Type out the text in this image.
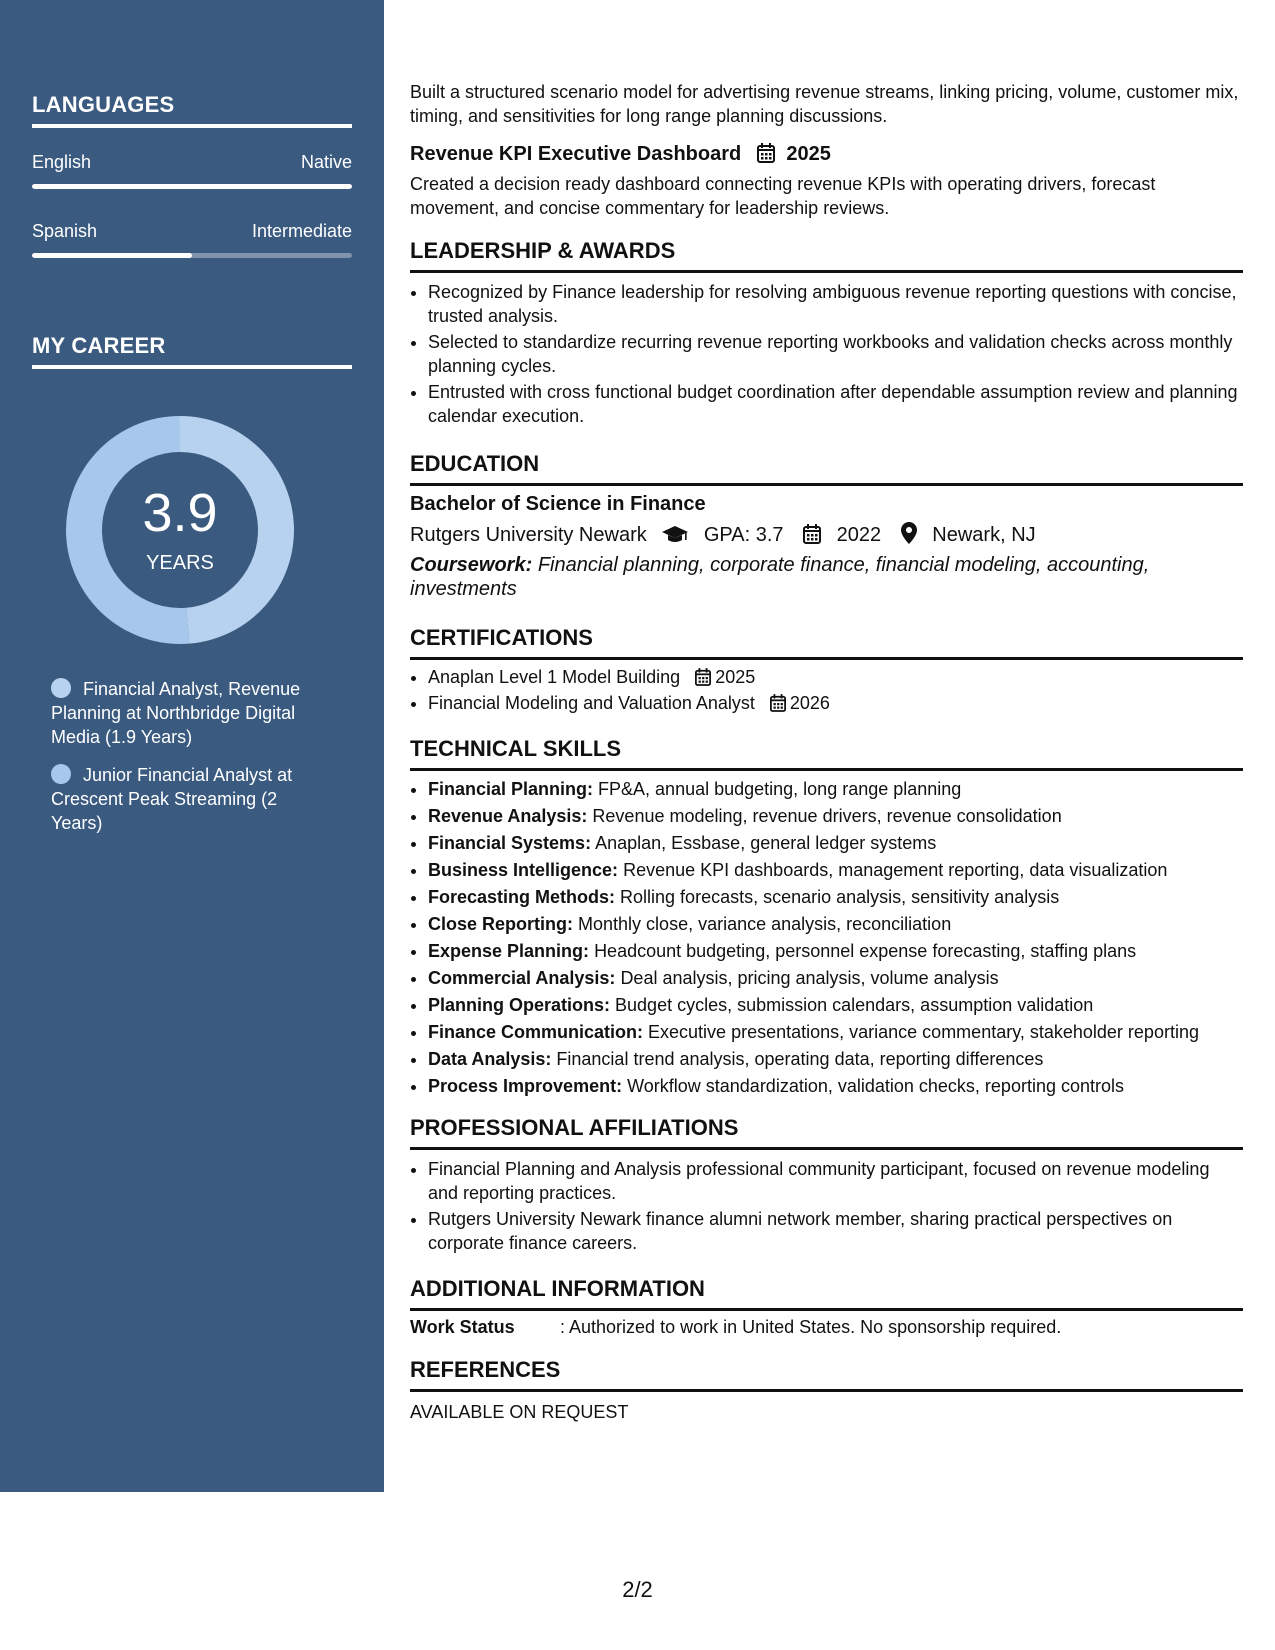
LANGUAGES
English	Native
Spanish	Intermediate
MY CAREER
3.9
YEARS
Financial Analyst, Revenue Planning at Northbridge Digital Media (1.9 Years)
Junior Financial Analyst at Crescent Peak Streaming (2 Years)
Built a structured scenario model for advertising revenue streams, linking pricing, volume, customer mix, timing, and sensitivities for long range planning discussions.
Revenue KPI Executive Dashboard 2025
Created a decision ready dashboard connecting revenue KPIs with operating drivers, forecast movement, and concise commentary for leadership reviews.
LEADERSHIP & AWARDS
• Recognized by Finance leadership for resolving ambiguous revenue reporting questions with concise, trusted analysis.
• Selected to standardize recurring revenue reporting workbooks and validation checks across monthly planning cycles.
• Entrusted with cross functional budget coordination after dependable assumption review and planning calendar execution.
EDUCATION
Bachelor of Science in Finance
Rutgers University Newark	GPA: 3.7	2022	Newark, NJ
Coursework: Financial planning, corporate finance, financial modeling, accounting, investments
CERTIFICATIONS
• Anaplan Level 1 Model Building 2025
• Financial Modeling and Valuation Analyst 2026
TECHNICAL SKILLS
• Financial Planning: FP&A, annual budgeting, long range planning
• Revenue Analysis: Revenue modeling, revenue drivers, revenue consolidation
• Financial Systems: Anaplan, Essbase, general ledger systems
• Business Intelligence: Revenue KPI dashboards, management reporting, data visualization
• Forecasting Methods: Rolling forecasts, scenario analysis, sensitivity analysis
• Close Reporting: Monthly close, variance analysis, reconciliation
• Expense Planning: Headcount budgeting, personnel expense forecasting, staffing plans
• Commercial Analysis: Deal analysis, pricing analysis, volume analysis
• Planning Operations: Budget cycles, submission calendars, assumption validation
• Finance Communication: Executive presentations, variance commentary, stakeholder reporting
• Data Analysis: Financial trend analysis, operating data, reporting differences
• Process Improvement: Workflow standardization, validation checks, reporting controls
PROFESSIONAL AFFILIATIONS
• Financial Planning and Analysis professional community participant, focused on revenue modeling and reporting practices.
• Rutgers University Newark finance alumni network member, sharing practical perspectives on corporate finance careers.
ADDITIONAL INFORMATION
Work Status	: Authorized to work in United States. No sponsorship required.
REFERENCES
AVAILABLE ON REQUEST
2/2
